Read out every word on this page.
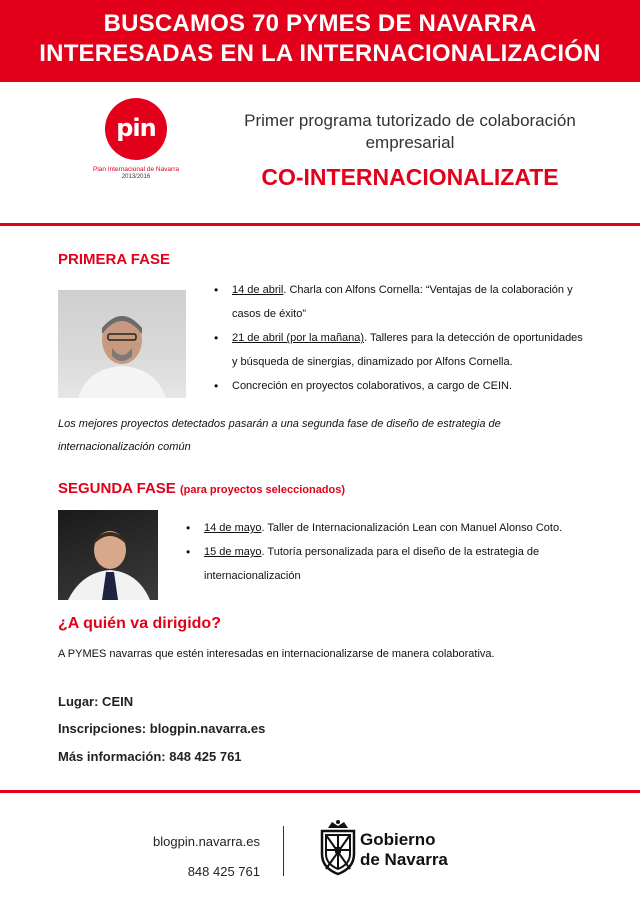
BUSCAMOS 70 PYMES DE NAVARRA
INTERESADAS EN LA INTERNACIONALIZACIÓN
pin
Plan Internacional de Navarra
2013/2016
Primer programa tutorizado de colaboración
empresarial
CO-INTERNACIONALIZATE
PRIMERA FASE
• 14 de abril. Charla con Alfons Cornella: “Ventajas de la colaboración y
casos de éxito”
• 21 de abril (por la mañana). Talleres para la detección de oportunidades
y búsqueda de sinergias, dinamizado por Alfons Cornella.
• Concreción en proyectos colaborativos, a cargo de CEIN.
Los mejores proyectos detectados pasarán a una segunda fase de diseño de estrategia de
internacionalización común
SEGUNDA FASE (para proyectos seleccionados)
• 14 de mayo. Taller de Internacionalización Lean con Manuel Alonso Coto.
• 15 de mayo. Tutoría personalizada para el diseño de la estrategia de
internacionalización
¿A quién va dirigido?
A PYMES navarras que estén interesadas en internacionalizarse de manera colaborativa.
Lugar: CEIN
Inscripciones: blogpin.navarra.es
Más información: 848 425 761
blogpin.navarra.es
848 425 761
Gobierno
de Navarra
